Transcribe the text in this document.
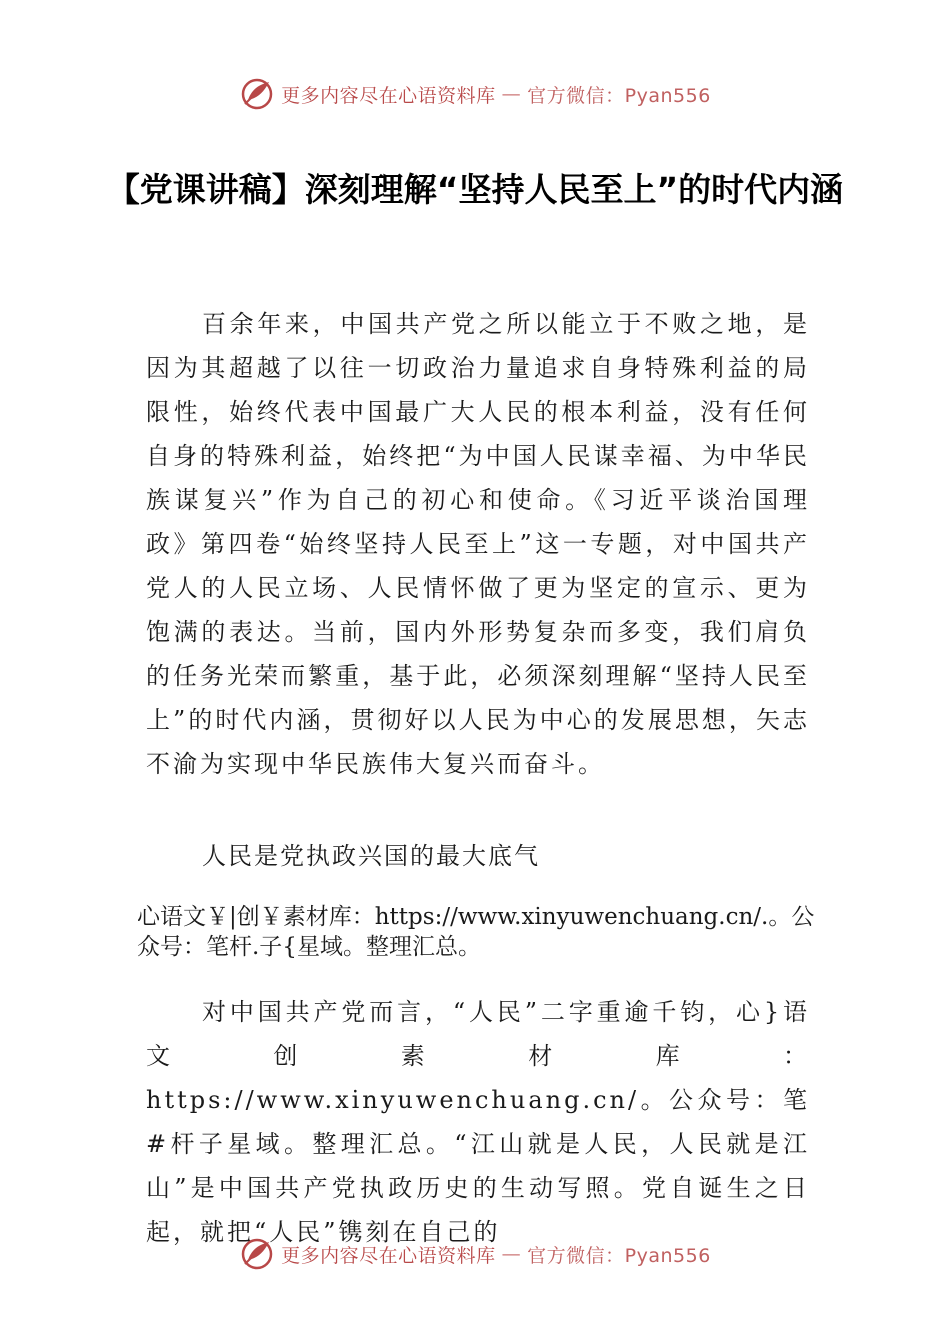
更多内容尽在心语资料库 — 官方微信：Pyan556
【党课讲稿】深刻理解“坚持人民至上”的时代内涵

百余年来，中国共产党之所以能立于不败之地，是因为其超越了以往一切政治力量追求自身特殊利益的局限性，始终代表中国最广大人民的根本利益，没有任何自身的特殊利益，始终把“为中国人民谋幸福、为中华民族谋复兴”作为自己的初心和使命。《习近平谈治国理政》第四卷“始终坚持人民至上”这一专题，对中国共产党人的人民立场、人民情怀做了更为坚定的宣示、更为饱满的表达。当前，国内外形势复杂而多变，我们肩负的任务光荣而繁重，基于此，必须深刻理解“坚持人民至上”的时代内涵，贯彻好以人民为中心的发展思想，矢志不渝为实现中华民族伟大复兴而奋斗。

人民是党执政兴国的最大底气

心语文￥|创￥素材库：https://www.xinyuwenchuang.cn/.。公众号：笔杆.子{星域。整理汇总。

对中国共产党而言，“人民”二字重逾千钧，心}语文创素材库：https://www.xinyuwenchuang.cn/。公众号：笔#杆子星域。整理汇总。“江山就是人民，人民就是江山”是中国共产党执政历史的生动写照。党自诞生之日起，就把“人民”镌刻在自己的

更多内容尽在心语资料库 — 官方微信：Pyan556
